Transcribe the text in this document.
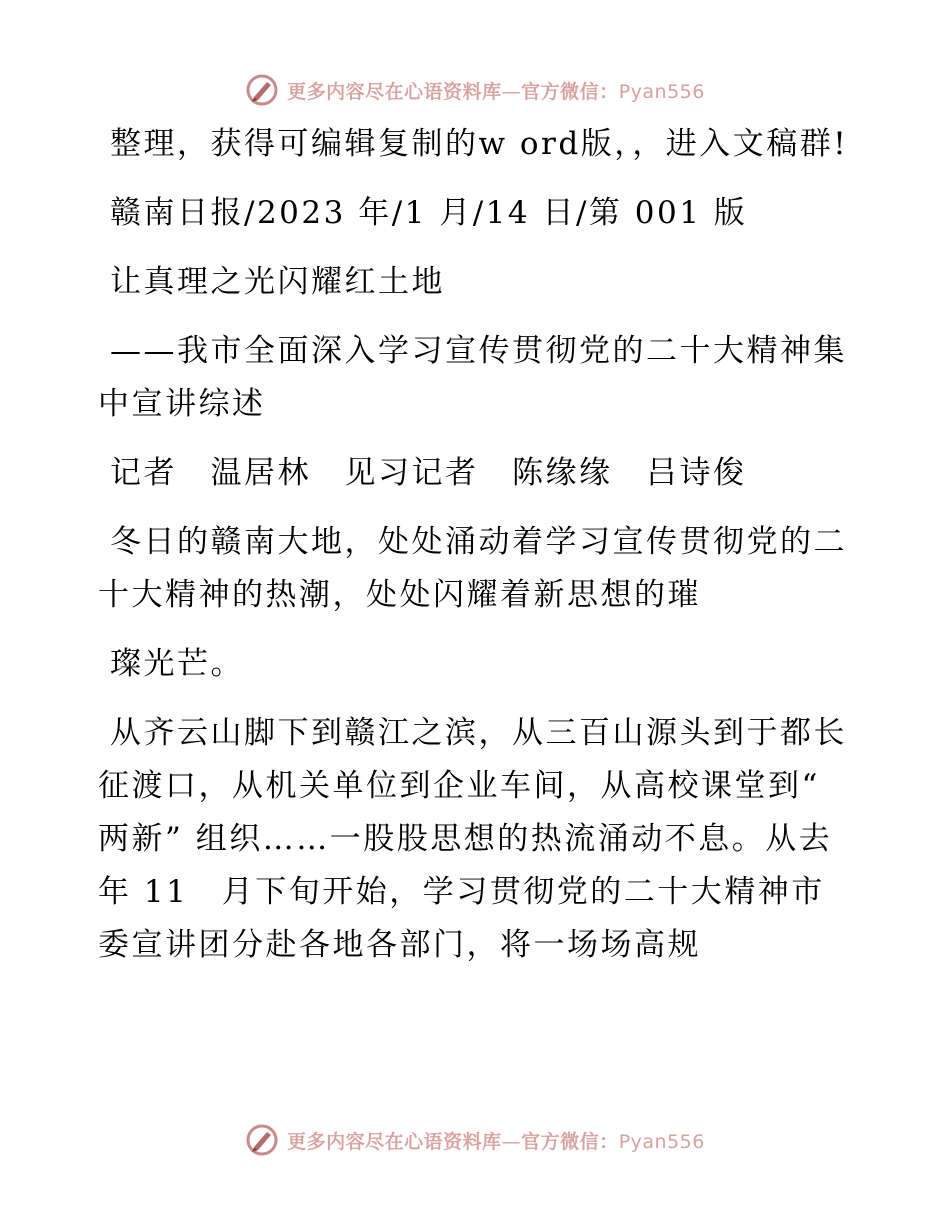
更多内容尽在心语资料库—官方微信：Pyan556

整理，获得可编辑复制的w ord版，，进入文稿群!

赣南日报/2023 年/1 月/14 日/第 001 版

让真理之光闪耀红土地

——我市全面深入学习宣传贯彻党的二十大精神集中宣讲综述

记者　温居林　见习记者　陈缘缘　吕诗俊

冬日的赣南大地，处处涌动着学习宣传贯彻党的二十大精神的热潮，处处闪耀着新思想的璀

璨光芒。

从齐云山脚下到赣江之滨，从三百山源头到于都长征渡口，从机关单位到企业车间，从高校课堂到“ 两新” 组织……一股股思想的热流涌动不息。从去年 11　月下旬开始，学习贯彻党的二十大精神市委宣讲团分赴各地各部门，将一场场高规

更多内容尽在心语资料库—官方微信：Pyan556
